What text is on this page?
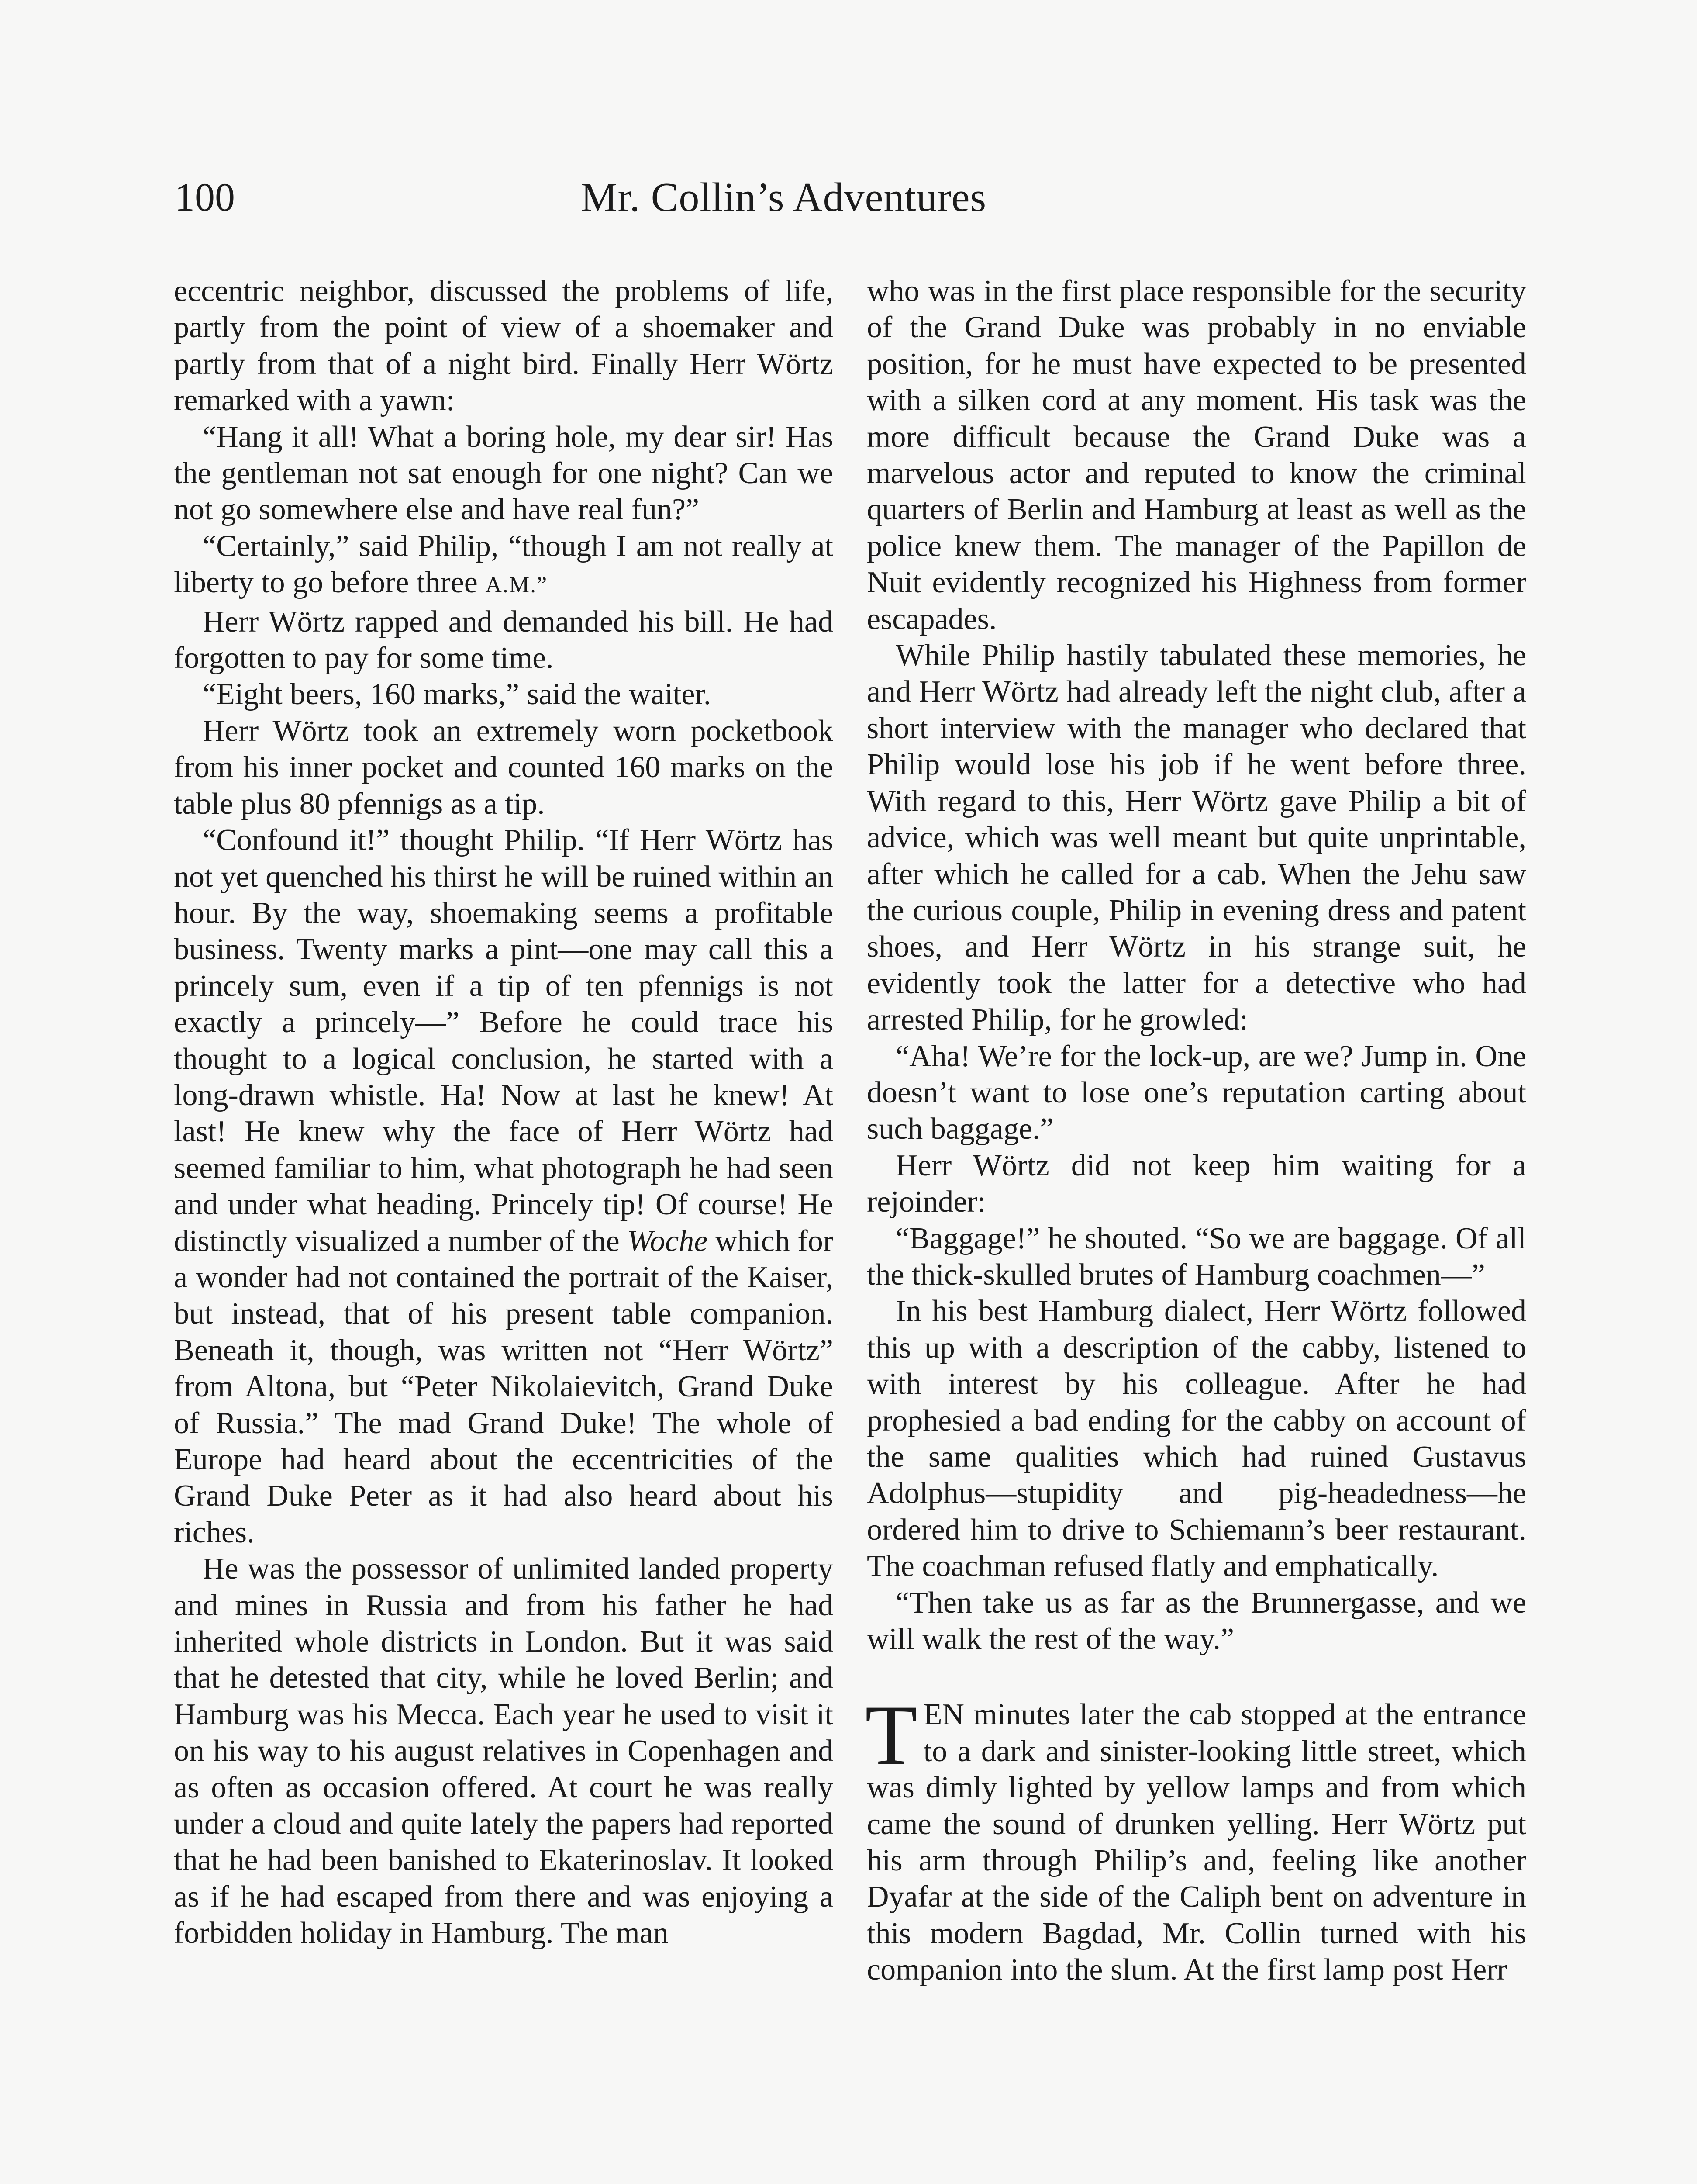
100	Mr. Collin’s Adventures

eccentric neighbor, discussed the problems of life, partly from the point of view of a shoemaker and partly from that of a night bird. Finally Herr Wörtz remarked with a yawn:

“Hang it all! What a boring hole, my dear sir! Has the gentleman not sat enough for one night? Can we not go somewhere else and have real fun?”

“Certainly,” said Philip, “though I am not really at liberty to go before three A.M.”

Herr Wörtz rapped and demanded his bill. He had forgotten to pay for some time.

“Eight beers, 160 marks,” said the waiter.

Herr Wörtz took an extremely worn pocketbook from his inner pocket and counted 160 marks on the table plus 80 pfennigs as a tip.

“Confound it!” thought Philip. “If Herr Wörtz has not yet quenched his thirst he will be ruined within an hour. By the way, shoemaking seems a profitable business. Twenty marks a pint—one may call this a princely sum, even if a tip of ten pfennigs is not exactly a princely—” Before he could trace his thought to a logical conclusion, he started with a long-drawn whistle. Ha! Now at last he knew! At last! He knew why the face of Herr Wörtz had seemed familiar to him, what photograph he had seen and under what heading. Princely tip! Of course! He distinctly visualized a number of the Woche which for a wonder had not contained the portrait of the Kaiser, but instead, that of his present table companion. Beneath it, though, was written not “Herr Wörtz” from Altona, but “Peter Nikolaievitch, Grand Duke of Russia.” The mad Grand Duke! The whole of Europe had heard about the eccentricities of the Grand Duke Peter as it had also heard about his riches.

He was the possessor of unlimited landed property and mines in Russia and from his father he had inherited whole districts in London. But it was said that he detested that city, while he loved Berlin; and Hamburg was his Mecca. Each year he used to visit it on his way to his august relatives in Copenhagen and as often as occasion offered. At court he was really under a cloud and quite lately the papers had reported that he had been banished to Ekaterinoslav. It looked as if he had escaped from there and was enjoying a forbidden holiday in Hamburg. The man

who was in the first place responsible for the security of the Grand Duke was probably in no enviable position, for he must have expected to be presented with a silken cord at any moment. His task was the more difficult because the Grand Duke was a marvelous actor and reputed to know the criminal quarters of Berlin and Hamburg at least as well as the police knew them. The manager of the Papillon de Nuit evidently recognized his Highness from former escapades.

While Philip hastily tabulated these memories, he and Herr Wörtz had already left the night club, after a short interview with the manager who declared that Philip would lose his job if he went before three. With regard to this, Herr Wörtz gave Philip a bit of advice, which was well meant but quite unprintable, after which he called for a cab. When the Jehu saw the curious couple, Philip in evening dress and patent shoes, and Herr Wörtz in his strange suit, he evidently took the latter for a detective who had arrested Philip, for he growled:

“Aha! We’re for the lock-up, are we? Jump in. One doesn’t want to lose one’s reputation carting about such baggage.”

Herr Wörtz did not keep him waiting for a rejoinder:

“Baggage!” he shouted. “So we are baggage. Of all the thick-skulled brutes of Hamburg coachmen—”

In his best Hamburg dialect, Herr Wörtz followed this up with a description of the cabby, listened to with interest by his colleague. After he had prophesied a bad ending for the cabby on account of the same qualities which had ruined Gustavus Adolphus—stupidity and pig-headedness—he ordered him to drive to Schiemann’s beer restaurant. The coachman refused flatly and emphatically.

“Then take us as far as the Brunnergasse, and we will walk the rest of the way.”

TEN minutes later the cab stopped at the entrance to a dark and sinister-looking little street, which was dimly lighted by yellow lamps and from which came the sound of drunken yelling. Herr Wörtz put his arm through Philip’s and, feeling like another Dyafar at the side of the Caliph bent on adventure in this modern Bagdad, Mr. Collin turned with his companion into the slum. At the first lamp post Herr
